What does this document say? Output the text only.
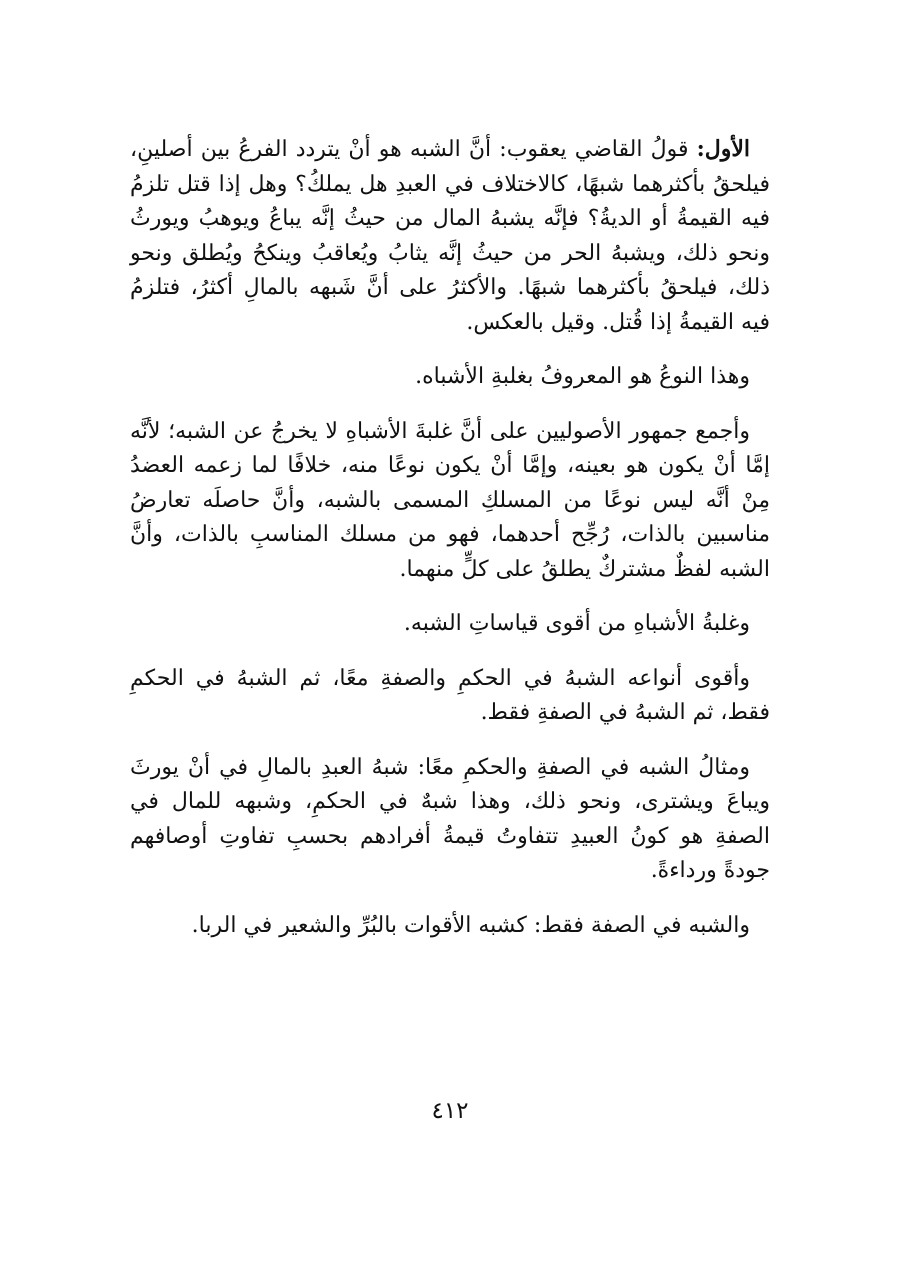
الأول: قولُ القاضي يعقوب: أنَّ الشبه هو أنْ يتردد الفرعُ بين أصلينِ، فيلحقُ بأكثرهما شبهًا، كالاختلاف في العبدِ هل يملكُ؟ وهل إذا قتل تلزمُ فيه القيمةُ أو الديةُ؟ فإنَّه يشبهُ المال من حيثُ إنَّه يباعُ ويوهبُ ويورثُ ونحو ذلك، ويشبهُ الحر من حيثُ إنَّه يثابُ ويُعاقبُ وينكحُ ويُطلق ونحو ذلك، فيلحقُ بأكثرهما شبهًا. والأكثرُ على أنَّ شَبهه بالمالِ أكثرُ، فتلزمُ فيه القيمةُ إذا قُتل. وقيل بالعكس.

وهذا النوعُ هو المعروفُ بغلبةِ الأشباه.

وأجمع جمهور الأصوليين على أنَّ غلبةَ الأشباهِ لا يخرجُ عن الشبه؛ لأنَّه إمَّا أنْ يكون هو بعينه، وإمَّا أنْ يكون نوعًا منه، خلافًا لما زعمه العضدُ مِنْ أنَّه ليس نوعًا من المسلكِ المسمى بالشبه، وأنَّ حاصلَه تعارضُ مناسبين بالذات، رُجِّح أحدهما، فهو من مسلك المناسبِ بالذات، وأنَّ الشبه لفظٌ مشتركٌ يطلقُ على كلٍّ منهما.

وغلبةُ الأشباهِ من أقوى قياساتِ الشبه.

وأقوى أنواعه الشبهُ في الحكمِ والصفةِ معًا، ثم الشبهُ في الحكمِ فقط، ثم الشبهُ في الصفةِ فقط.

ومثالُ الشبه في الصفةِ والحكمِ معًا: شبهُ العبدِ بالمالِ في أنْ يورثَ ويباعَ ويشترى، ونحو ذلك، وهذا شبهٌ في الحكمِ، وشبهه للمال في الصفةِ هو كونُ العبيدِ تتفاوتُ قيمةُ أفرادهم بحسبِ تفاوتِ أوصافهم جودةً ورداءةً.

والشبه في الصفة فقط: كشبه الأقوات بالبُرِّ والشعير في الربا.

٤١٢
